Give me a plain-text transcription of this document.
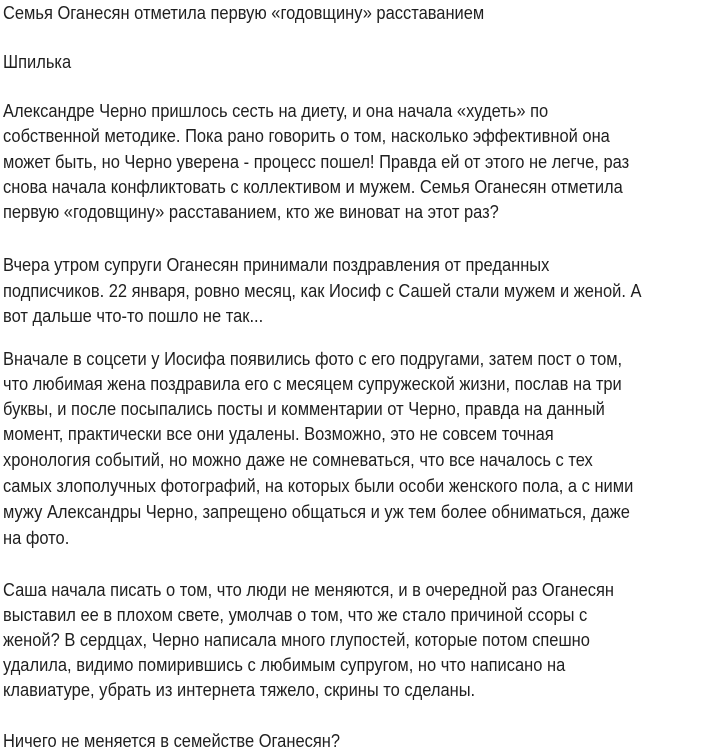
Семья Оганесян отметила первую «годовщину» расставанием
Шпилька
Александре Черно пришлось сесть на диету, и она начала «худеть» по
собственной методике. Пока рано говорить о том, насколько эффективной она
может быть, но Черно уверена - процесс пошел! Правда ей от этого не легче, раз
снова начала конфликтовать с коллективом и мужем. Семья Оганесян отметила
первую «годовщину» расставанием, кто же виноват на этот раз?
Вчера утром супруги Оганесян принимали поздравления от преданных
подписчиков. 22 января, ровно месяц, как Иосиф с Сашей стали мужем и женой. А
вот дальше что-то пошло не так...
Вначале в соцсети у Иосифа появились фото с его подругами, затем пост о том,
что любимая жена поздравила его с месяцем супружеской жизни, послав на три
буквы, и после посыпались посты и комментарии от Черно, правда на данный
момент, практически все они удалены. Возможно, это не совсем точная
хронология событий, но можно даже не сомневаться, что все началось с тех
самых злополучных фотографий, на которых были особи женского пола, а с ними
мужу Александры Черно, запрещено общаться и уж тем более обниматься, даже
на фото.
Саша начала писать о том, что люди не меняются, и в очередной раз Оганесян
выставил ее в плохом свете, умолчав о том, что же стало причиной ссоры с
женой? В сердцах, Черно написала много глупостей, которые потом спешно
удалила, видимо помирившись с любимым супругом, но что написано на
клавиатуре, убрать из интернета тяжело, скрины то сделаны.
Ничего не меняется в семействе Оганесян?
